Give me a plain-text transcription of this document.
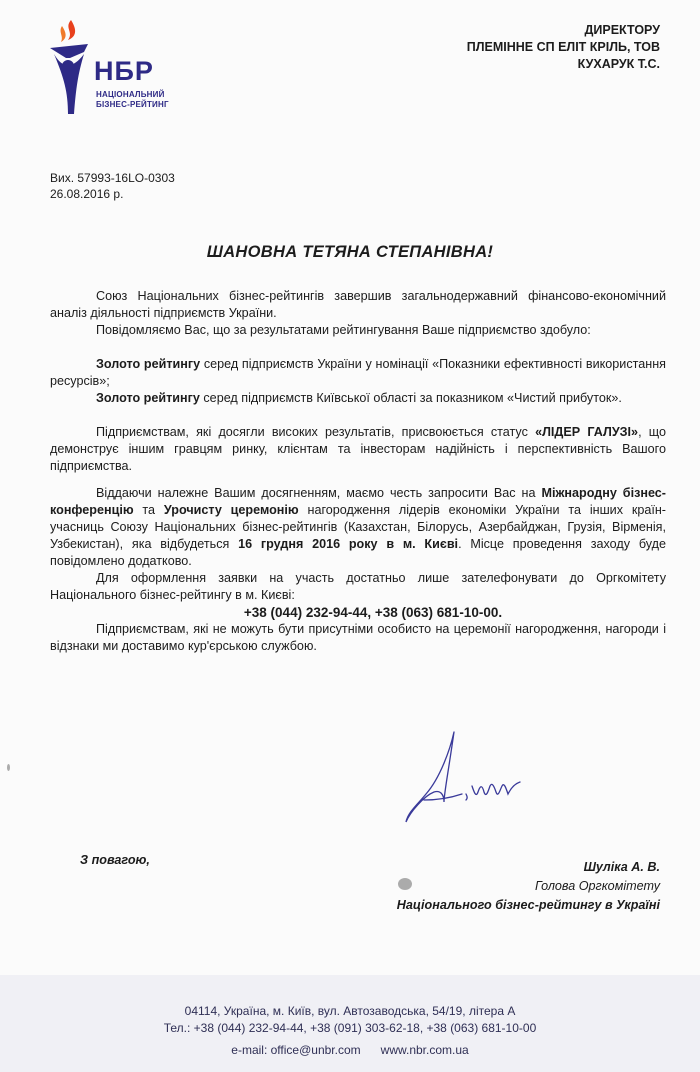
НБР
НАЦІОНАЛЬНИЙ
БІЗНЕС-РЕЙТИНГ
ДИРЕКТОРУ
ПЛЕМІННЕ СП ЕЛІТ КРІЛЬ, ТОВ
КУХАРУК Т.С.
Вих. 57993-16LO-0303
26.08.2016 р.
ШАНОВНА ТЕТЯНА СТЕПАНІВНА!

Союз Національних бізнес-рейтингів завершив загальнодержавний фінансово-економічний аналіз діяльності підприємств України.

Повідомляємо Вас, що за результатами рейтингування Ваше підприємство здобуло:

Золото рейтингу серед підприємств України у номінації «Показники ефективності використання ресурсів»;

Золото рейтингу серед підприємств Київської області за показником «Чистий прибуток».

Підприємствам, які досягли високих результатів, присвоюється статус «ЛІДЕР ГАЛУЗІ», що демонструє іншим гравцям ринку, клієнтам та інвесторам надійність і перспективність Вашого підприємства.

Віддаючи належне Вашим досягненням, маємо честь запросити Вас на Міжнародну бізнес-конференцію та Урочисту церемонію нагородження лідерів економіки України та інших країн-учасниць Союзу Національних бізнес-рейтингів (Казахстан, Білорусь, Азербайджан, Грузія, Вірменія, Узбекистан), яка відбудеться 16 грудня 2016 року в м. Києві. Місце проведення заходу буде повідомлено додатково.

Для оформлення заявки на участь достатньо лише зателефонувати до Оргкомітету Національного бізнес-рейтингу в м. Києві:

+38 (044) 232-94-44, +38 (063) 681-10-00.

Підприємствам, які не можуть бути присутніми особисто на церемонії нагородження, нагороди і відзнаки ми доставимо кур'єрською службою.

З повагою,	Шуліка А. В.
Голова Оргкомітету
Національного бізнес-рейтингу в Україні
04114, Україна, м. Київ, вул. Автозаводська, 54/19, літера А
Тел.: +38 (044) 232-94-44, +38 (091) 303-62-18, +38 (063) 681-10-00
e-mail: office@unbr.com www.nbr.com.ua
